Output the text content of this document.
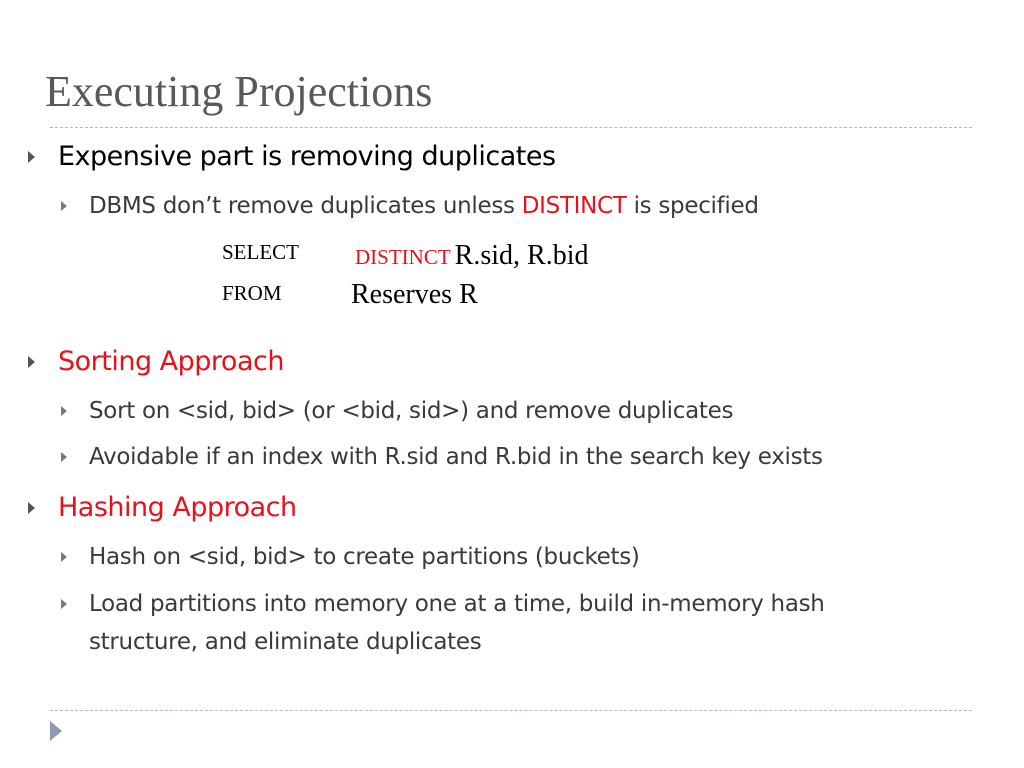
Executing Projections
Expensive part is removing duplicates
DBMS don’t remove duplicates unless DISTINCT is specified
SELECT	DISTINCT R.sid, R.bid
FROM Reserves R
Sorting Approach
Sort on <sid, bid> (or <bid, sid>) and remove duplicates
Avoidable if an index with R.sid and R.bid in the search key exists
Hashing Approach
Hash on <sid, bid> to create partitions (buckets)
Load partitions into memory one at a time, build in-memory hash
structure, and eliminate duplicates
